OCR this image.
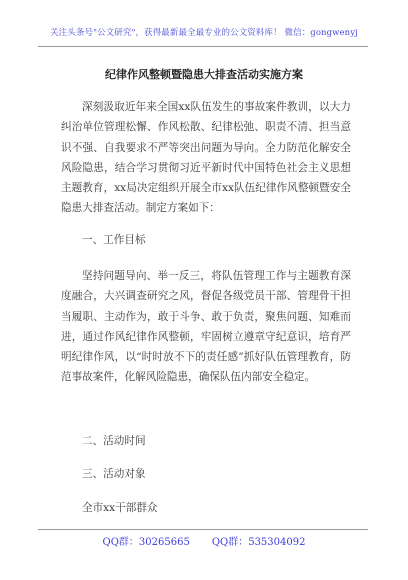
关注头条号"公文研究"，获得最新最全最专业的公文资料库！ 微信：gongwenyj
纪律作风整顿暨隐患大排查活动实施方案

深刻汲取近年来全国xx队伍发生的事故案件教训，以大力纠治单位管理松懈、作风松散、纪律松弛、职责不清、担当意识不强、自我要求不严等突出问题为导向。全力防范化解安全风险隐患，结合学习贯彻习近平新时代中国特色社会主义思想主题教育，xx局决定组织开展全市xx队伍纪律作风整顿暨安全隐患大排查活动。制定方案如下：

一、工作目标

坚持问题导向、举一反三，将队伍管理工作与主题教育深度融合，大兴调查研究之风，督促各级党员干部、管理骨干担当履职、主动作为，敢于斗争、敢于负责，聚焦问题、知难而进，通过作风纪律作风整顿，牢固树立遵章守纪意识，培育严明纪律作风，以“时时放不下的责任感”抓好队伍管理教育，防范事故案件，化解风险隐患，确保队伍内部安全稳定。

二、活动时间
三、活动对象
全市xx干部群众
QQ群：30265665 QQ群：535304092
